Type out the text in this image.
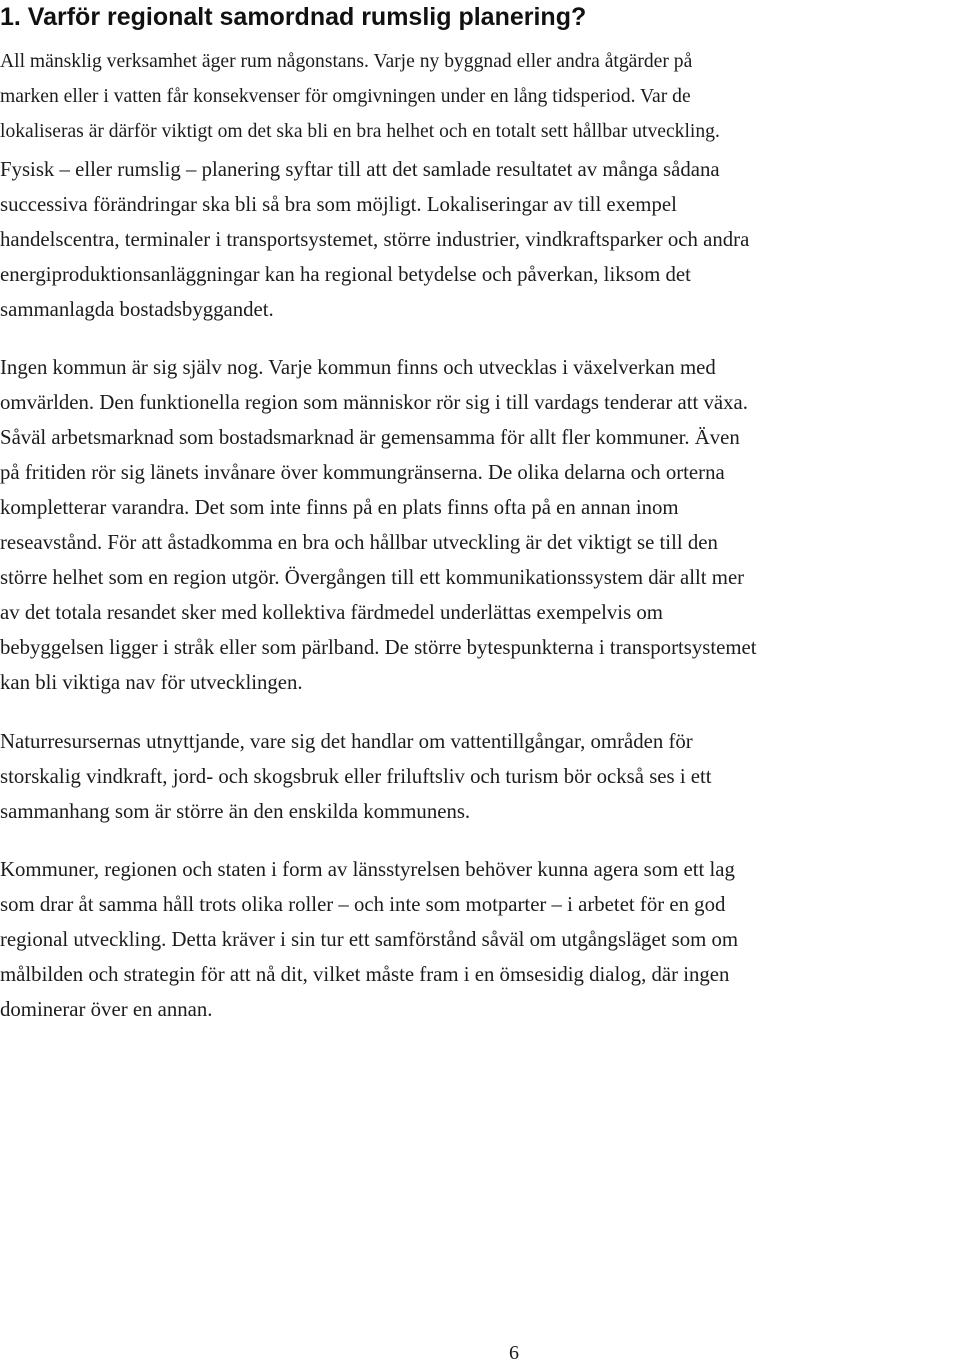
1. Varför regionalt samordnad rumslig planering?

All mänsklig verksamhet äger rum någonstans. Varje ny byggnad eller andra åtgärder på

marken eller i vatten får konsekvenser för omgivningen under en lång tidsperiod. Var de

lokaliseras är därför viktigt om det ska bli en bra helhet och en totalt sett hållbar utveckling.

Fysisk – eller rumslig – planering syftar till att det samlade resultatet av många sådana

successiva förändringar ska bli så bra som möjligt. Lokaliseringar av till exempel

handelscentra, terminaler i transportsystemet, större industrier, vindkraftsparker och andra

energiproduktionsanläggningar kan ha regional betydelse och påverkan, liksom det

sammanlagda bostadsbyggandet.

Ingen kommun är sig själv nog. Varje kommun finns och utvecklas i växelverkan med

omvärlden. Den funktionella region som människor rör sig i till vardags tenderar att växa.

Såväl arbetsmarknad som bostadsmarknad är gemensamma för allt fler kommuner. Även

på fritiden rör sig länets invånare över kommungränserna. De olika delarna och orterna

kompletterar varandra. Det som inte finns på en plats finns ofta på en annan inom

reseavstånd. För att åstadkomma en bra och hållbar utveckling är det viktigt se till den

större helhet som en region utgör. Övergången till ett kommunikationssystem där allt mer

av det totala resandet sker med kollektiva färdmedel underlättas exempelvis om

bebyggelsen ligger i stråk eller som pärlband. De större bytespunkterna i transportsystemet

kan bli viktiga nav för utvecklingen.

Naturresursernas utnyttjande, vare sig det handlar om vattentillgångar, områden för

storskalig vindkraft, jord- och skogsbruk eller friluftsliv och turism bör också ses i ett

sammanhang som är större än den enskilda kommunens.

Kommuner, regionen och staten i form av länsstyrelsen behöver kunna agera som ett lag

som drar åt samma håll trots olika roller – och inte som motparter – i arbetet för en god

regional utveckling. Detta kräver i sin tur ett samförstånd såväl om utgångsläget som om

målbilden och strategin för att nå dit, vilket måste fram i en ömsesidig dialog, där ingen

dominerar över en annan.

6
